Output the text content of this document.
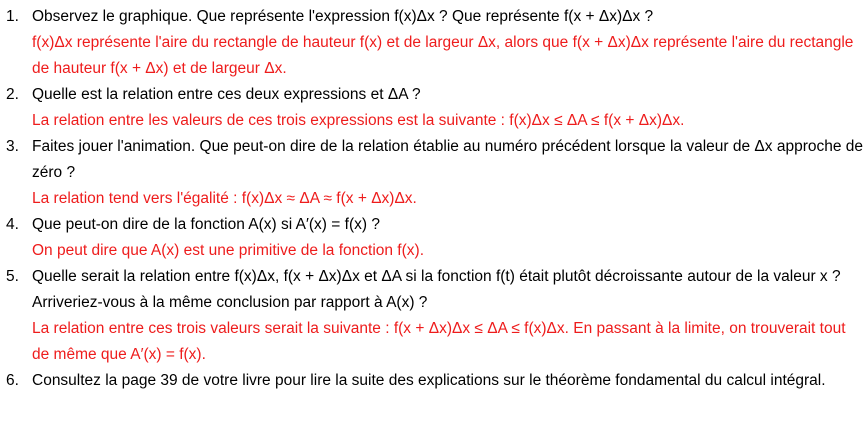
1. Observez le graphique. Que représente l'expression f(x)Δx ? Que représente f(x + Δx)Δx ?
f(x)Δx représente l'aire du rectangle de hauteur f(x) et de largeur Δx, alors que f(x + Δx)Δx représente l'aire du rectangle de hauteur f(x + Δx) et de largeur Δx.
2. Quelle est la relation entre ces deux expressions et ΔA ?
La relation entre les valeurs de ces trois expressions est la suivante : f(x)Δx ≤ ΔA ≤ f(x + Δx)Δx.
3. Faites jouer l'animation. Que peut-on dire de la relation établie au numéro précédent lorsque la valeur de Δx approche de zéro ?
La relation tend vers l'égalité : f(x)Δx ≈ ΔA ≈ f(x + Δx)Δx.
4. Que peut-on dire de la fonction A(x) si A′(x) = f(x) ?
On peut dire que A(x) est une primitive de la fonction f(x).
5. Quelle serait la relation entre f(x)Δx, f(x + Δx)Δx et ΔA si la fonction f(t) était plutôt décroissante autour de la valeur x ? Arriveriez-vous à la même conclusion par rapport à A(x) ?
La relation entre ces trois valeurs serait la suivante : f(x + Δx)Δx ≤ ΔA ≤ f(x)Δx. En passant à la limite, on trouverait tout de même que A′(x) = f(x).
6. Consultez la page 39 de votre livre pour lire la suite des explications sur le théorème fondamental du calcul intégral.
